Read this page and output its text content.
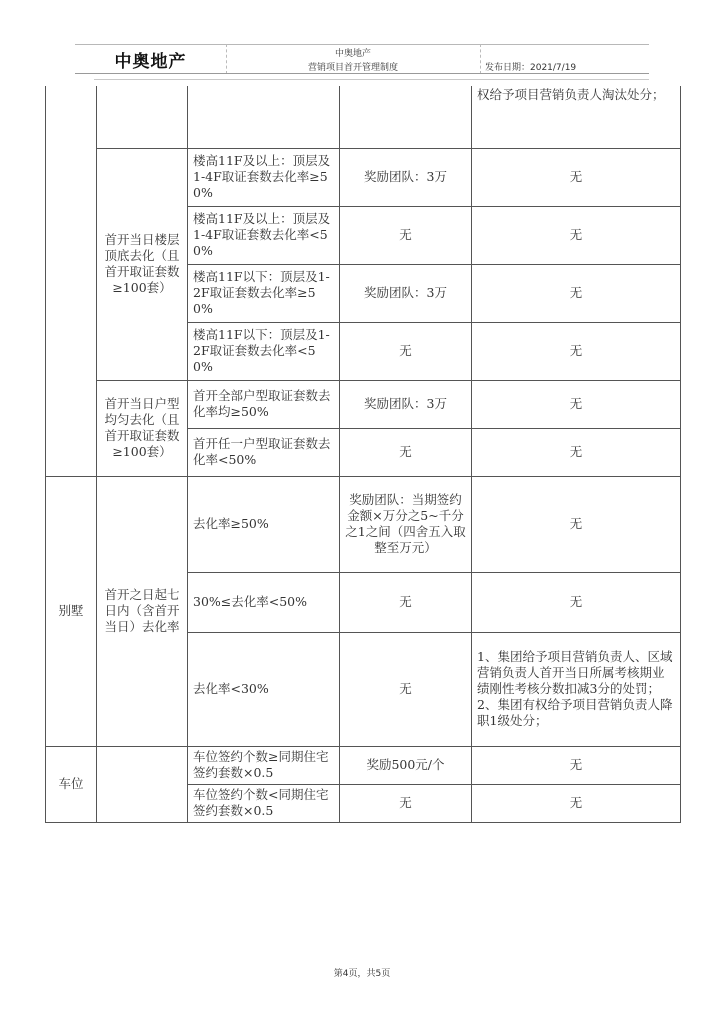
中奥地产	中奥地产
营销项目首开管理制度	发布日期：2021/7/19
				权给予项目营销负责人淘汰处分；
	首开当日楼层顶底去化（且首开取证套数≥100套）	楼高11F及以上：顶层及1-4F取证套数去化率≥50%	奖励团队：3万	无
		楼高11F及以上：顶层及1-4F取证套数去化率<50%	无	无
		楼高11F以下：顶层及1-2F取证套数去化率≥50%	奖励团队：3万	无
		楼高11F以下：顶层及1-2F取证套数去化率<50%	无	无
	首开当日户型均匀去化（且首开取证套数≥100套）	首开全部户型取证套数去化率均≥50%	奖励团队：3万	无
		首开任一户型取证套数去化率<50%	无	无
别墅	首开之日起七日内（含首开当日）去化率	去化率≥50%	奖励团队：当期签约金额×万分之5~千分之1之间（四舍五入取整至万元）	无
		30%≤去化率<50%	无	无
		去化率<30%	无	1、集团给予项目营销负责人、区域营销负责人首开当日所属考核期业绩刚性考核分数扣减3分的处罚；
2、集团有权给予项目营销负责人降职1级处分；
车位		车位签约个数≥同期住宅签约套数×0.5	奖励500元/个	无
		车位签约个数<同期住宅签约套数×0.5	无	无
第4页，共5页
